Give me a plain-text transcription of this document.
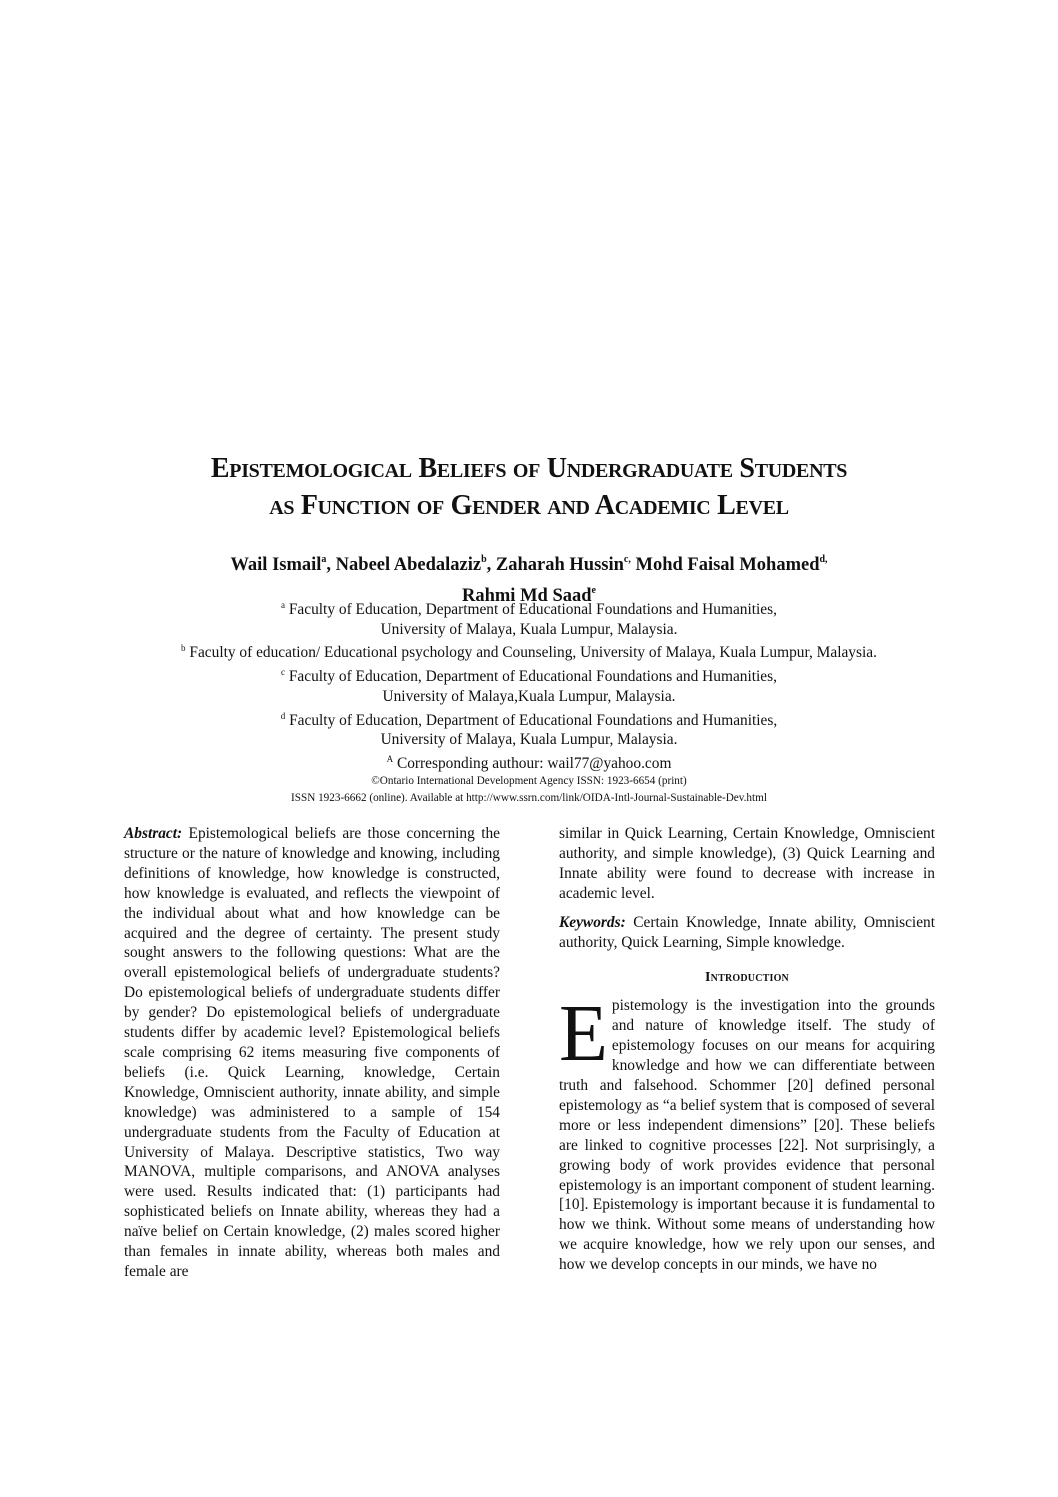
Epistemological Beliefs of Undergraduate Students
as Function of Gender and Academic Level
Wail Ismail$^a$, Nabeel Abedalaziz$^b$, Zaharah Hussin$^{c,}$ Mohd Faisal Mohamed$^{d,}$
Rahmi Md Saad$^e$
$^a$ Faculty of Education, Department of Educational Foundations and Humanities,
University of Malaya, Kuala Lumpur, Malaysia.
$^b$ Faculty of education/ Educational psychology and Counseling, University of Malaya, Kuala Lumpur, Malaysia.
$^c$ Faculty of Education, Department of Educational Foundations and Humanities,
University of Malaya,Kuala Lumpur, Malaysia.
$^d$ Faculty of Education, Department of Educational Foundations and Humanities,
University of Malaya, Kuala Lumpur, Malaysia.
$^A$ Corresponding authour: wail77@yahoo.com
©Ontario International Development Agency ISSN: 1923-6654 (print)
ISSN 1923-6662 (online). Available at http://www.ssrn.com/link/OIDA-Intl-Journal-Sustainable-Dev.html

Abstract: Epistemological beliefs are those concerning the structure or the nature of knowledge and knowing, including definitions of knowledge, how knowledge is constructed, how knowledge is evaluated, and reflects the viewpoint of the individual about what and how knowledge can be acquired and the degree of certainty. The present study sought answers to the following questions: What are the overall epistemological beliefs of undergraduate students? Do epistemological beliefs of undergraduate students differ by gender? Do epistemological beliefs of undergraduate students differ by academic level? Epistemological beliefs scale comprising 62 items measuring five components of beliefs (i.e. Quick Learning, knowledge, Certain Knowledge, Omniscient authority, innate ability, and simple knowledge) was administered to a sample of 154 undergraduate students from the Faculty of Education at University of Malaya. Descriptive statistics, Two way MANOVA, multiple comparisons, and ANOVA analyses were used. Results indicated that: (1) participants had sophisticated beliefs on Innate ability, whereas they had a naïve belief on Certain knowledge, (2) males scored higher than females in innate ability, whereas both males and female are

similar in Quick Learning, Certain Knowledge, Omniscient authority, and simple knowledge), (3) Quick Learning and Innate ability were found to decrease with increase in academic level.

Keywords: Certain Knowledge, Innate ability, Omniscient authority, Quick Learning, Simple knowledge.

Introduction

Epistemology is the investigation into the grounds and nature of knowledge itself. The study of epistemology focuses on our means for acquiring knowledge and how we can differentiate between truth and falsehood. Schommer [20] defined personal epistemology as “a belief system that is composed of several more or less independent dimensions” [20]. These beliefs are linked to cognitive processes [22]. Not surprisingly, a growing body of work provides evidence that personal epistemology is an important component of student learning. [10]. Epistemology is important because it is fundamental to how we think. Without some means of understanding how we acquire knowledge, how we rely upon our senses, and how we develop concepts in our minds, we have no
